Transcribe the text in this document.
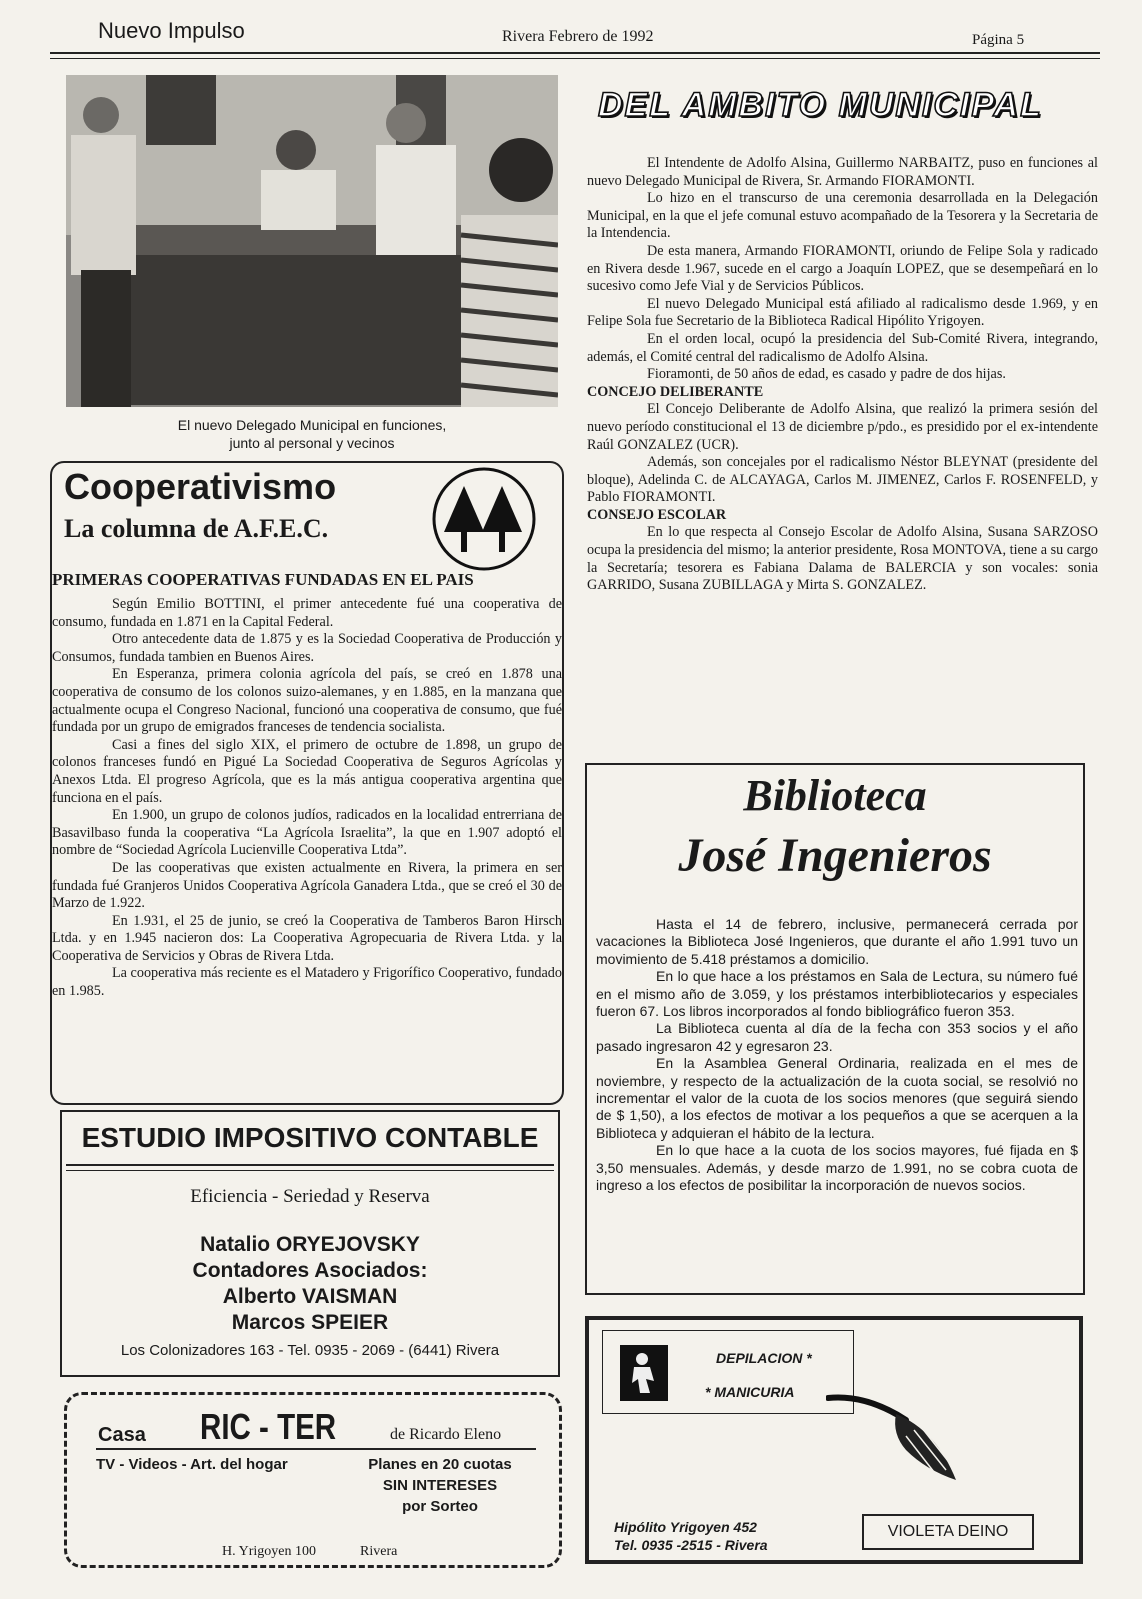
Nuevo Impulso	Rivera Febrero de 1992	Página 5
El nuevo Delegado Municipal en funciones,
junto al personal y vecinos
DEL AMBITO MUNICIPAL

El Intendente de Adolfo Alsina, Guillermo NARBAITZ, puso en funciones al nuevo Delegado Municipal de Rivera, Sr. Armando FIORAMONTI.

Lo hizo en el transcurso de una ceremonia desarrollada en la Delegación Municipal, en la que el jefe comunal estuvo acompañado de la Tesorera y la Secretaria de la Intendencia.

De esta manera, Armando FIORAMONTI, oriundo de Felipe Sola y radicado en Rivera desde 1.967, sucede en el cargo a Joaquín LOPEZ, que se desempeñará en lo sucesivo como Jefe Vial y de Servicios Públicos.

El nuevo Delegado Municipal está afiliado al radicalismo desde 1.969, y en Felipe Sola fue Secretario de la Biblioteca Radical Hipólito Yrigoyen.

En el orden local, ocupó la presidencia del Sub-Comité Rivera, integrando, además, el Comité central del radicalismo de Adolfo Alsina.

Fioramonti, de 50 años de edad, es casado y padre de dos hijas.

CONCEJO DELIBERANTE

El Concejo Deliberante de Adolfo Alsina, que realizó la primera sesión del nuevo período constitucional el 13 de diciembre p/pdo., es presidido por el ex-intendente Raúl GONZALEZ (UCR).

Además, son concejales por el radicalismo Néstor BLEYNAT (presidente del bloque), Adelinda C. de ALCAYAGA, Carlos M. JIMENEZ, Carlos F. ROSENFELD, y Pablo FIORAMONTI.

CONSEJO ESCOLAR

En lo que respecta al Consejo Escolar de Adolfo Alsina, Susana SARZOSO ocupa la presidencia del mismo; la anterior presidente, Rosa MONTOVA, tiene a su cargo la Secretaría; tesorera es Fabiana Dalama de BALERCIA y son vocales: sonia GARRIDO, Susana ZUBILLAGA y Mirta S. GONZALEZ.

Cooperativismo
La columna de A.F.E.C.
PRIMERAS COOPERATIVAS FUNDADAS EN EL PAIS

Según Emilio BOTTINI, el primer antecedente fué una cooperativa de consumo, fundada en 1.871 en la Capital Federal.

Otro antecedente data de 1.875 y es la Sociedad Cooperativa de Producción y Consumos, fundada tambien en Buenos Aires.

En Esperanza, primera colonia agrícola del país, se creó en 1.878 una cooperativa de consumo de los colonos suizo-alemanes, y en 1.885, en la manzana que actualmente ocupa el Congreso Nacional, funcionó una cooperativa de consumo, que fué fundada por un grupo de emigrados franceses de tendencia socialista.

Casi a fines del siglo XIX, el primero de octubre de 1.898, un grupo de colonos franceses fundó en Pigué La Sociedad Cooperativa de Seguros Agrícolas y Anexos Ltda. El progreso Agrícola, que es la más antigua cooperativa argentina que funciona en el país.

En 1.900, un grupo de colonos judíos, radicados en la localidad entrerriana de Basavilbaso funda la cooperativa “La Agrícola Israelita”, la que en 1.907 adoptó el nombre de “Sociedad Agrícola Lucienville Cooperativa Ltda”.

De las cooperativas que existen actualmente en Rivera, la primera en ser fundada fué Granjeros Unidos Cooperativa Agrícola Ganadera Ltda., que se creó el 30 de Marzo de 1.922.

En 1.931, el 25 de junio, se creó la Cooperativa de Tamberos Baron Hirsch Ltda. y en 1.945 nacieron dos: La Cooperativa Agropecuaria de Rivera Ltda. y la Cooperativa de Servicios y Obras de Rivera Ltda.

La cooperativa más reciente es el Matadero y Frigorífico Cooperativo, fundado en 1.985.

ESTUDIO IMPOSITIVO CONTABLE
Eficiencia - Seriedad y Reserva
Natalio ORYEJOVSKY
Contadores Asociados:
Alberto VAISMAN
Marcos SPEIER
Los Colonizadores 163 - Tel. 0935 - 2069 - (6441) Rivera
Casa RIC - TER	de Ricardo Eleno
TV - Videos - Art. del hogar	Planes en 20 cuotas
SIN INTERESES
por Sorteo
H. Yrigoyen 100	Rivera
Biblioteca
José Ingenieros

Hasta el 14 de febrero, inclusive, permanecerá cerrada por vacaciones la Biblioteca José Ingenieros, que durante el año 1.991 tuvo un movimiento de 5.418 préstamos a domicilio.

En lo que hace a los préstamos en Sala de Lectura, su número fué en el mismo año de 3.059, y los préstamos interbibliotecarios y especiales fueron 67. Los libros incorporados al fondo bibliográfico fueron 353.

La Biblioteca cuenta al día de la fecha con 353 socios y el año pasado ingresaron 42 y egresaron 23.

En la Asamblea General Ordinaria, realizada en el mes de noviembre, y respecto de la actualización de la cuota social, se resolvió no incrementar el valor de la cuota de los socios menores (que seguirá siendo de $ 1,50), a los efectos de motivar a los pequeños a que se acerquen a la Biblioteca y adquieran el hábito de la lectura.

En lo que hace a la cuota de los socios mayores, fué fijada en $ 3,50 mensuales. Además, y desde marzo de 1.991, no se cobra cuota de ingreso a los efectos de posibilitar la incorporación de nuevos socios.

DEPILACION *
* MANICURIA
Hipólito Yrigoyen 452
Tel. 0935 -2515 - Rivera
VIOLETA DEINO
